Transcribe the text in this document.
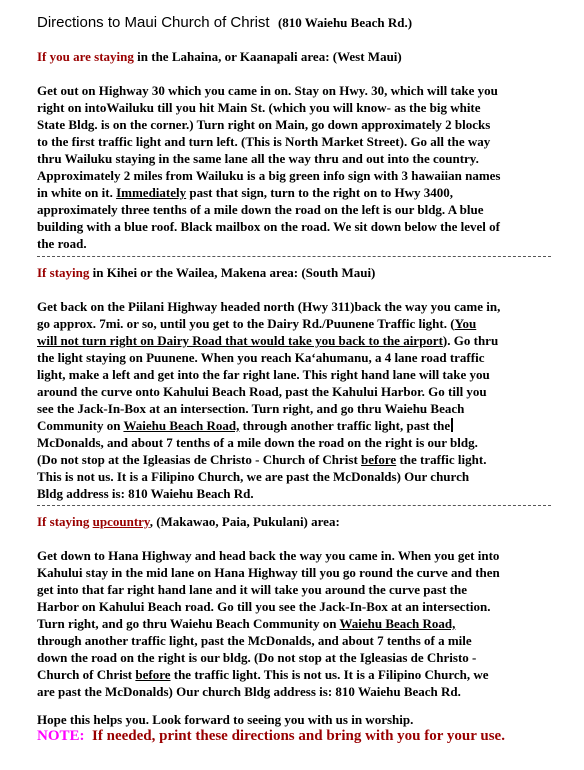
Directions to Maui Church of Christ (810 Waiehu Beach Rd.)
If you are staying in the Lahaina, or Kaanapali area: (West Maui)
Get out on Highway 30 which you came in on. Stay on Hwy. 30, which will take you
right on intoWailuku till you hit Main St. (which you will know- as the big white
State Bldg. is on the corner.) Turn right on Main, go down approximately 2 blocks
to the first traffic light and turn left. (This is North Market Street). Go all the way
thru Wailuku staying in the same lane all the way thru and out into the country.
Approximately 2 miles from Wailuku is a big green info sign with 3 hawaiian names
in white on it. Immediately past that sign, turn to the right on to Hwy 3400,
approximately three tenths of a mile down the road on the left is our bldg. A blue
building with a blue roof. Black mailbox on the road. We sit down below the level of
the road.
If staying in Kihei or the Wailea, Makena area: (South Maui)
Get back on the Piilani Highway headed north (Hwy 311)back the way you came in,
go approx. 7mi. or so, until you get to the Dairy Rd./Puunene Traffic light. (You
will not turn right on Dairy Road that would take you back to the airport). Go thru
the light staying on Puunene. When you reach Ka‘ahumanu, a 4 lane road traffic
light, make a left and get into the far right lane. This right hand lane will take you
around the curve onto Kahului Beach Road, past the Kahului Harbor. Go till you
see the Jack-In-Box at an intersection. Turn right, and go thru Waiehu Beach
Community on Waiehu Beach Road, through another traffic light, past the
McDonalds, and about 7 tenths of a mile down the road on the right is our bldg.
(Do not stop at the Igleasias de Christo - Church of Christ before the traffic light.
This is not us. It is a Filipino Church, we are past the McDonalds) Our church
Bldg address is: 810 Waiehu Beach Rd.
If staying upcountry, (Makawao, Paia, Pukulani) area:
Get down to Hana Highway and head back the way you came in. When you get into
Kahului stay in the mid lane on Hana Highway till you go round the curve and then
get into that far right hand lane and it will take you around the curve past the
Harbor on Kahului Beach road. Go till you see the Jack-In-Box at an intersection.
Turn right, and go thru Waiehu Beach Community on Waiehu Beach Road,
through another traffic light, past the McDonalds, and about 7 tenths of a mile
down the road on the right is our bldg. (Do not stop at the Igleasias de Christo -
Church of Christ before the traffic light. This is not us. It is a Filipino Church, we
are past the McDonalds) Our church Bldg address is: 810 Waiehu Beach Rd.
Hope this helps you. Look forward to seeing you with us in worship.
NOTE: If needed, print these directions and bring with you for your use.
